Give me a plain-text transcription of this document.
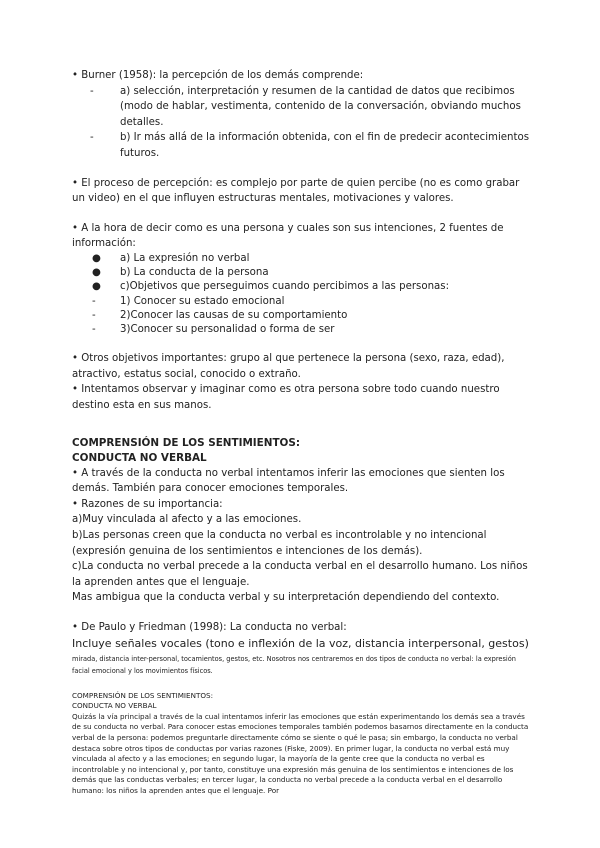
• Burner (1958): la percepción de los demás comprende:

-	a) selección, interpretación y resumen de la cantidad de datos que recibimos (modo de hablar, vestimenta, contenido de la conversación, obviando muchos detalles.
-	b) Ir más allá de la información obtenida, con el fin de predecir acontecimientos futuros.

• El proceso de percepción: es complejo por parte de quien percibe (no es como grabar un video) en el que influyen estructuras mentales, motivaciones y valores.

• A la hora de decir como es una persona y cuales son sus intenciones, 2 fuentes de información:

●	a) La expresión no verbal
●	b) La conducta de la persona
●	c)Objetivos que perseguimos cuando percibimos a las personas:
-	1) Conocer su estado emocional
-	2)Conocer las causas de su comportamiento
-	3)Conocer su personalidad o forma de ser

• Otros objetivos importantes: grupo al que pertenece la persona (sexo, raza, edad), atractivo, estatus social, conocido o extraño.

• Intentamos observar y imaginar como es otra persona sobre todo cuando nuestro destino esta en sus manos.

COMPRENSIÓN DE LOS SENTIMIENTOS:

CONDUCTA NO VERBAL

• A través de la conducta no verbal intentamos inferir las emociones que sienten los demás. También para conocer emociones temporales.

• Razones de su importancia:

a)Muy vinculada al afecto y a las emociones.

b)Las personas creen que la conducta no verbal es incontrolable y no intencional (expresión genuina de los sentimientos e intenciones de los demás).

c)La conducta no verbal precede a la conducta verbal en el desarrollo humano. Los niños la aprenden antes que el lenguaje.

Mas ambigua que la conducta verbal y su interpretación dependiendo del contexto.

• De Paulo y Friedman (1998): La conducta no verbal:

Incluye señales vocales (tono e inflexión de la voz, distancia interpersonal, gestos) mirada, distancia inter-personal, tocamientos, gestos, etc. Nosotros nos centraremos en dos tipos de conducta no verbal: la expresión facial emocional y los movimientos físicos.

COMPRENSIÓN DE LOS SENTIMIENTOS:

CONDUCTA NO VERBAL

Quizás la vía principal a través de la cual intentamos inferir las emociones que están experimentando los demás sea a través de su conducta no verbal. Para conocer estas emociones temporales también podemos basarnos directamente en la conducta verbal de la persona: podemos preguntarle directamente cómo se siente o qué le pasa; sin embargo, la conducta no verbal destaca sobre otros tipos de conductas por varias razones (Fiske, 2009). En primer lugar, la conducta no verbal está muy vinculada al afecto y a las emociones; en segundo lugar, la mayoría de la gente cree que la conducta no verbal es incontrolable y no intencional y, por tanto, constituye una expresión más genuina de los sentimientos e intenciones de los demás que las conductas verbales; en tercer lugar, la conducta no verbal precede a la conducta verbal en el desarrollo humano: los niños la aprenden antes que el lenguaje. Por
